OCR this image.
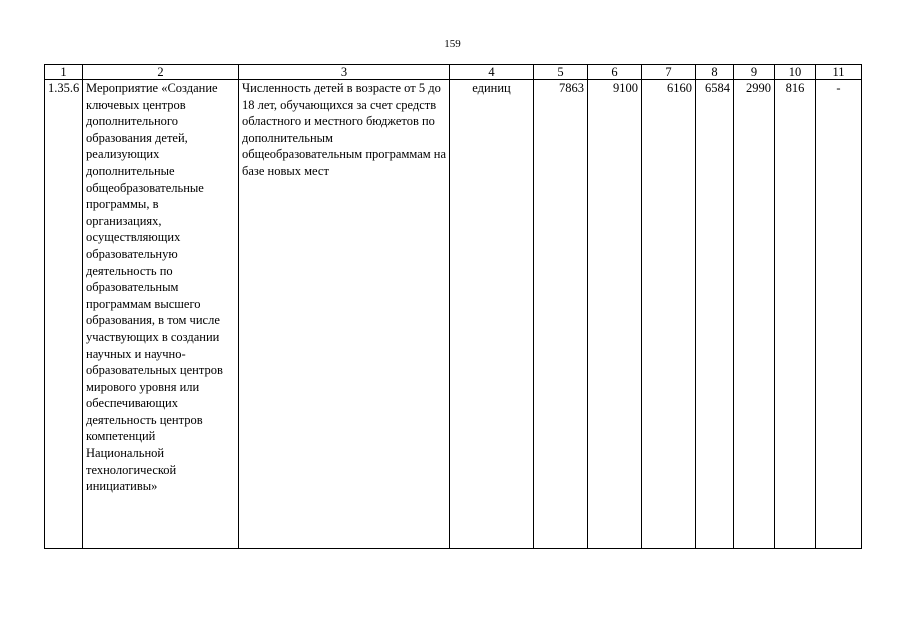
159
1	2	3	4	5	6	7	8	9	10	11
1.35.6	Мероприятие «Создание ключевых центров дополнительного образования детей, реализующих дополнительные общеобразовательные программы, в организациях, осуществляющих образовательную деятельность по образовательным программам высшего образования, в том числе участвующих в создании научных и научно-образовательных центров мирового уровня или обеспечивающих деятельность центров компетенций Национальной технологической инициативы»	Численность детей в возрасте от 5 до 18 лет, обучающихся за счет средств областного и местного бюджетов по дополнительным общеобразовательным программам на базе новых мест	единиц	7863	9100	6160	6584	2990	816	-
